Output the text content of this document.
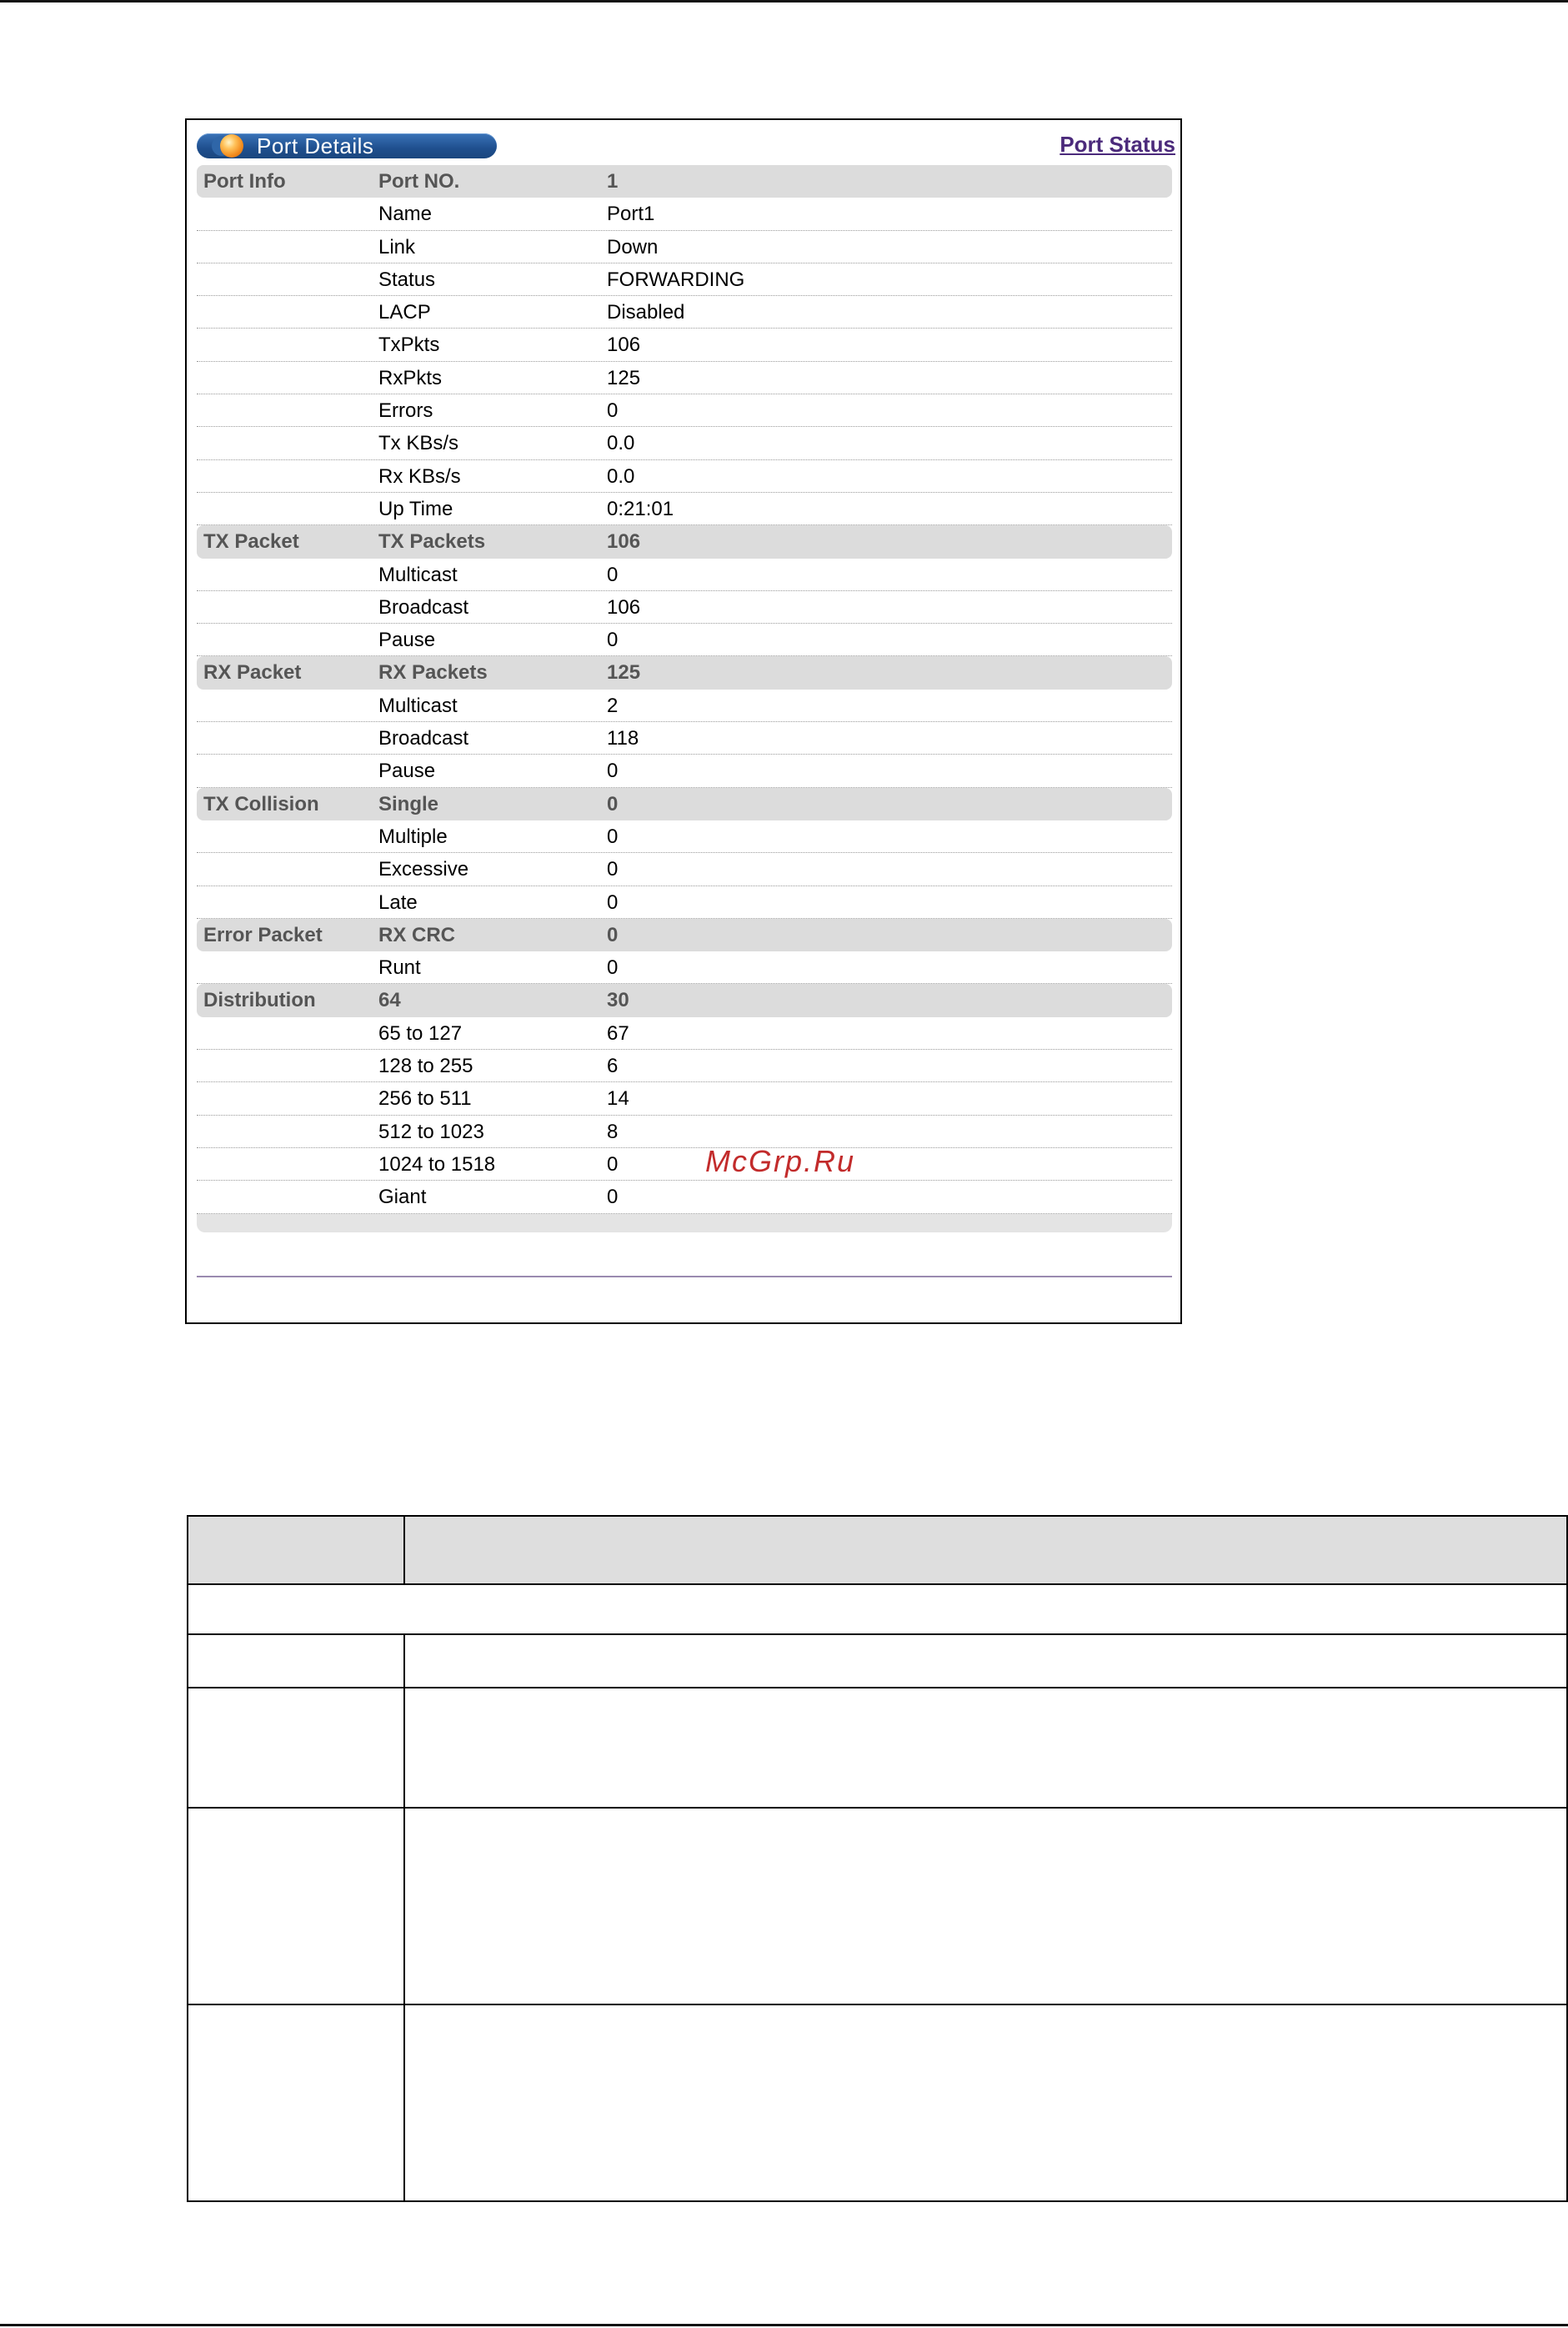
Port Details	Port Status
Port Info	Port NO.	1
Name	Port1
Link	Down
Status	FORWARDING
LACP	Disabled
TxPkts	106
RxPkts	125
Errors	0
Tx KBs/s	0.0
Rx KBs/s	0.0
Up Time	0:21:01
TX Packet	TX Packets	106
Multicast	0
Broadcast	106
Pause	0
RX Packet	RX Packets	125
Multicast	2
Broadcast	118
Pause	0
TX Collision	Single	0
Multiple	0
Excessive	0
Late	0
Error Packet	RX CRC	0
Runt	0
Distribution	64	30
65 to 127	67
128 to 255	6
256 to 511	14
512 to 1023	8
1024 to 1518	0
Giant	0
McGrp.Ru
